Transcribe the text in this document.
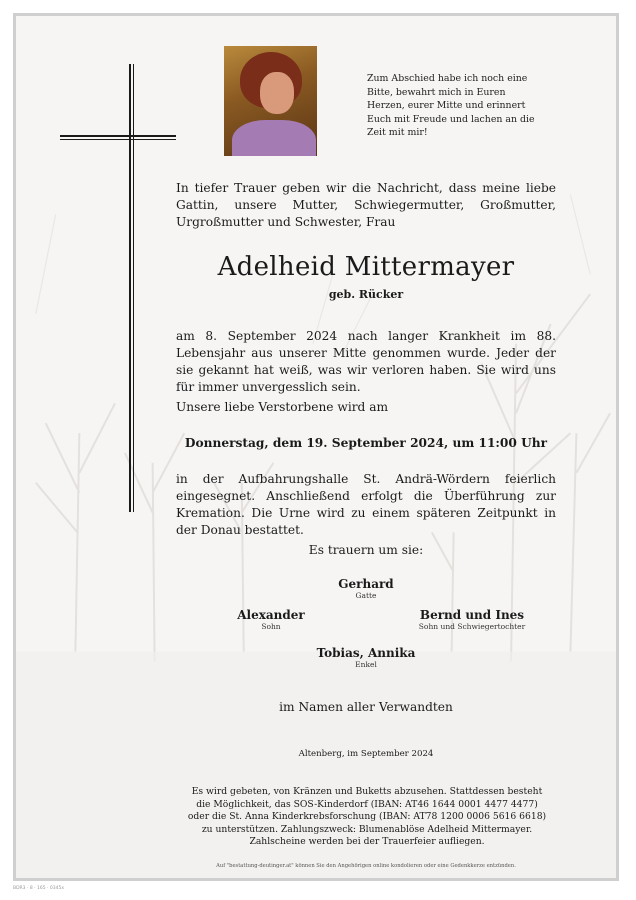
Zum Abschied habe ich noch eine Bitte, bewahrt mich in Euren Herzen, eurer Mitte und erinnert Euch mit Freude und lachen an die Zeit mit mir!
In tiefer Trauer geben wir die Nachricht, dass meine liebe Gattin, unsere Mutter, Schwiegermutter, Großmutter, Urgroßmutter und Schwester, Frau
Adelheid Mittermayer
geb. Rücker
am 8. September 2024 nach langer Krankheit im 88. Lebensjahr aus unserer Mitte genommen wurde. Jeder der sie gekannt hat weiß, was wir verloren haben. Sie wird uns für immer unvergesslich sein.
Unsere liebe Verstorbene wird am
Donnerstag, dem 19. September 2024, um 11:00 Uhr
in der Aufbahrungshalle St. Andrä-Wördern feierlich eingesegnet. Anschließend erfolgt die Überführung zur Kremation. Die Urne wird zu einem späteren Zeitpunkt in der Donau bestattet.
Es trauern um sie:
Gerhard
Gatte
Alexander
Sohn
Bernd und Ines
Sohn und Schwiegertochter
Tobias, Annika
Enkel
im Namen aller Verwandten
Altenberg, im September 2024
Es wird gebeten, von Kränzen und Buketts abzusehen. Stattdessen besteht die Möglichkeit, das SOS-Kinderdorf (IBAN: AT46 1644 0001 4477 4477) oder die St. Anna Kinderkrebsforschung (IBAN: AT78 1200 0006 5616 6618) zu unterstützen. Zahlungszweck: Blumenablöse Adelheid Mittermayer. Zahlscheine werden bei der Trauerfeier aufliegen.
Auf "bestattung-deutinger.at" können Sie den Angehörigen online kondolieren oder eine Gedenkkerze entzünden.
BDR3 · 8 · 165 · 0345x
